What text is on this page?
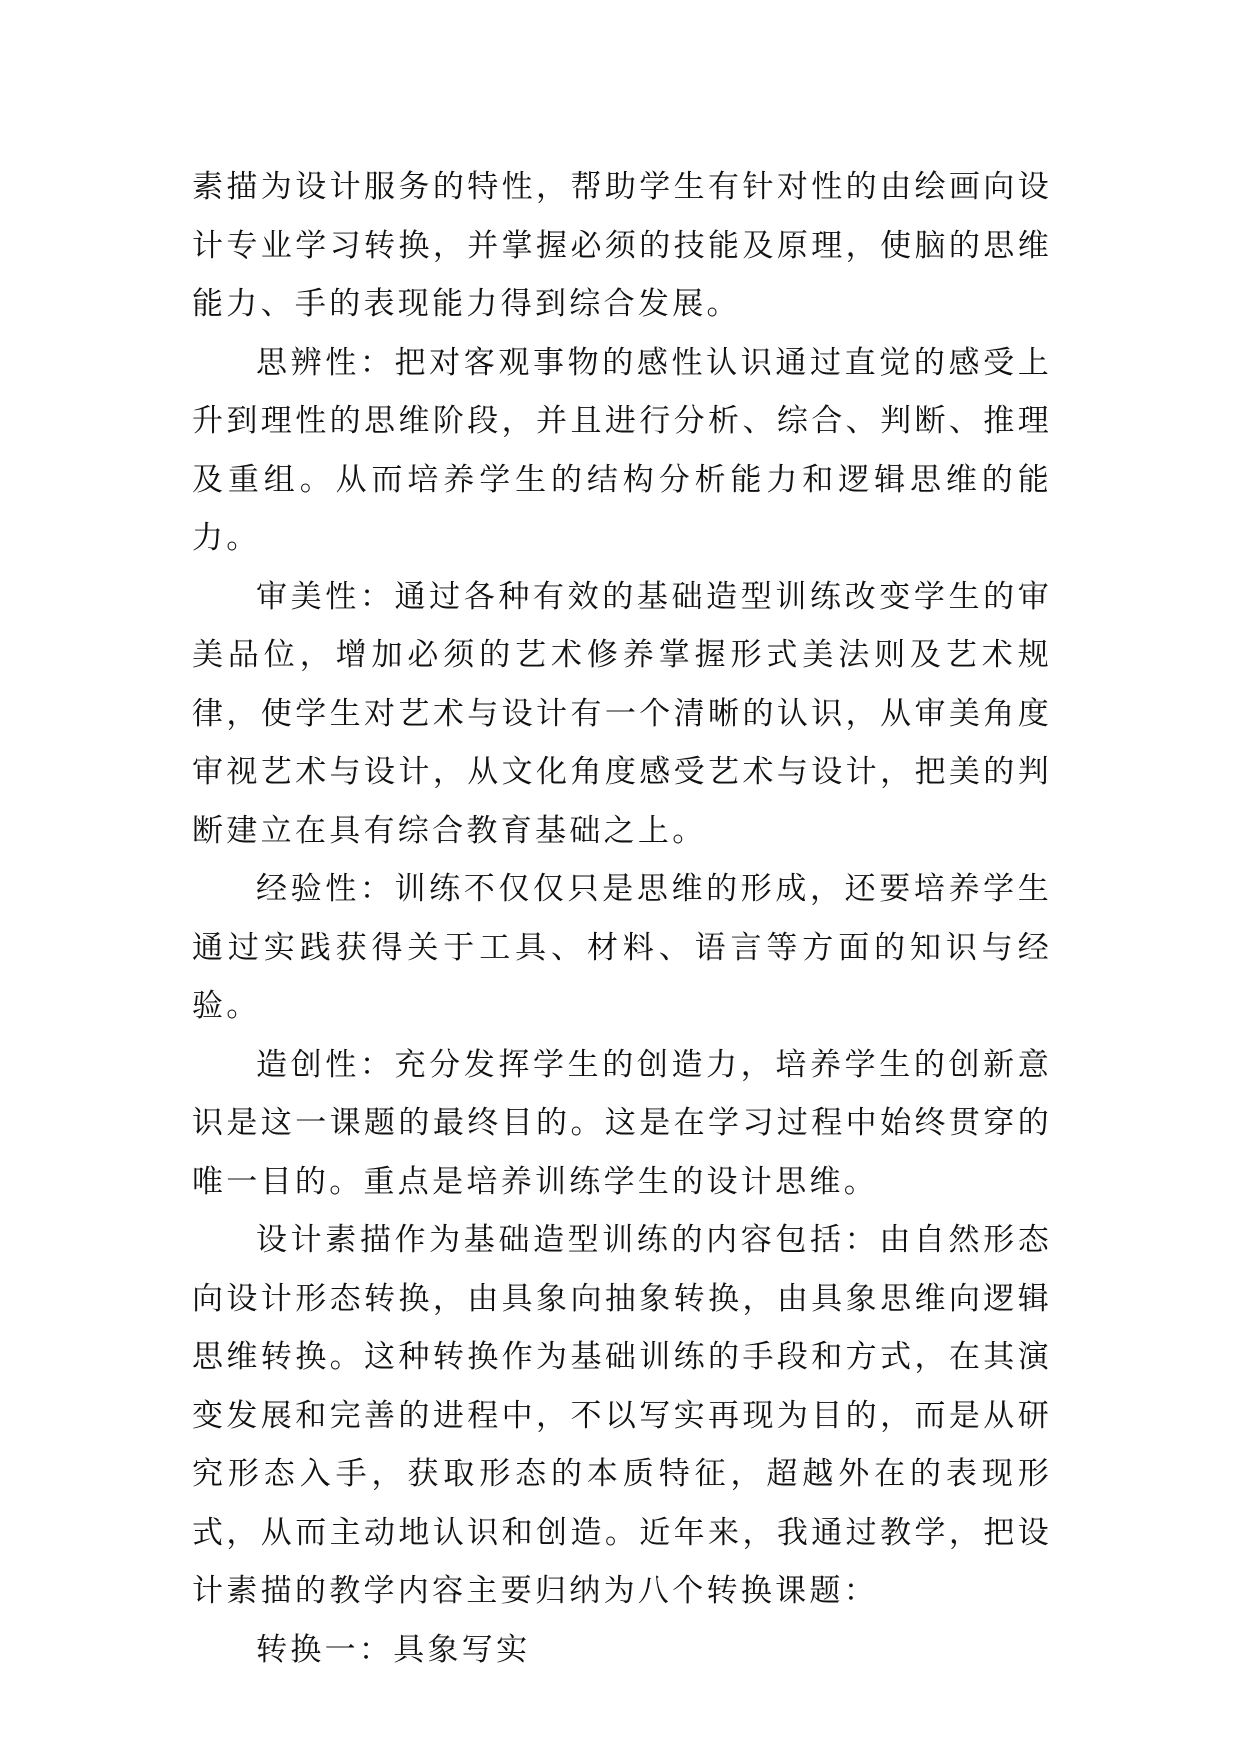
素描为设计服务的特性，帮助学生有针对性的由绘画向设计专业学习转换，并掌握必须的技能及原理，使脑的思维能力、手的表现能力得到综合发展。

思辨性：把对客观事物的感性认识通过直觉的感受上升到理性的思维阶段，并且进行分析、综合、判断、推理及重组。从而培养学生的结构分析能力和逻辑思维的能力。

审美性：通过各种有效的基础造型训练改变学生的审美品位，增加必须的艺术修养掌握形式美法则及艺术规律，使学生对艺术与设计有一个清晰的认识，从审美角度审视艺术与设计，从文化角度感受艺术与设计，把美的判断建立在具有综合教育基础之上。

经验性：训练不仅仅只是思维的形成，还要培养学生通过实践获得关于工具、材料、语言等方面的知识与经验。

造创性：充分发挥学生的创造力，培养学生的创新意识是这一课题的最终目的。这是在学习过程中始终贯穿的唯一目的。重点是培养训练学生的设计思维。

设计素描作为基础造型训练的内容包括：由自然形态向设计形态转换，由具象向抽象转换，由具象思维向逻辑思维转换。这种转换作为基础训练的手段和方式，在其演变发展和完善的进程中，不以写实再现为目的，而是从研究形态入手，获取形态的本质特征，超越外在的表现形式，从而主动地认识和创造。近年来，我通过教学，把设计素描的教学内容主要归纳为八个转换课题：

转换一：具象写实
